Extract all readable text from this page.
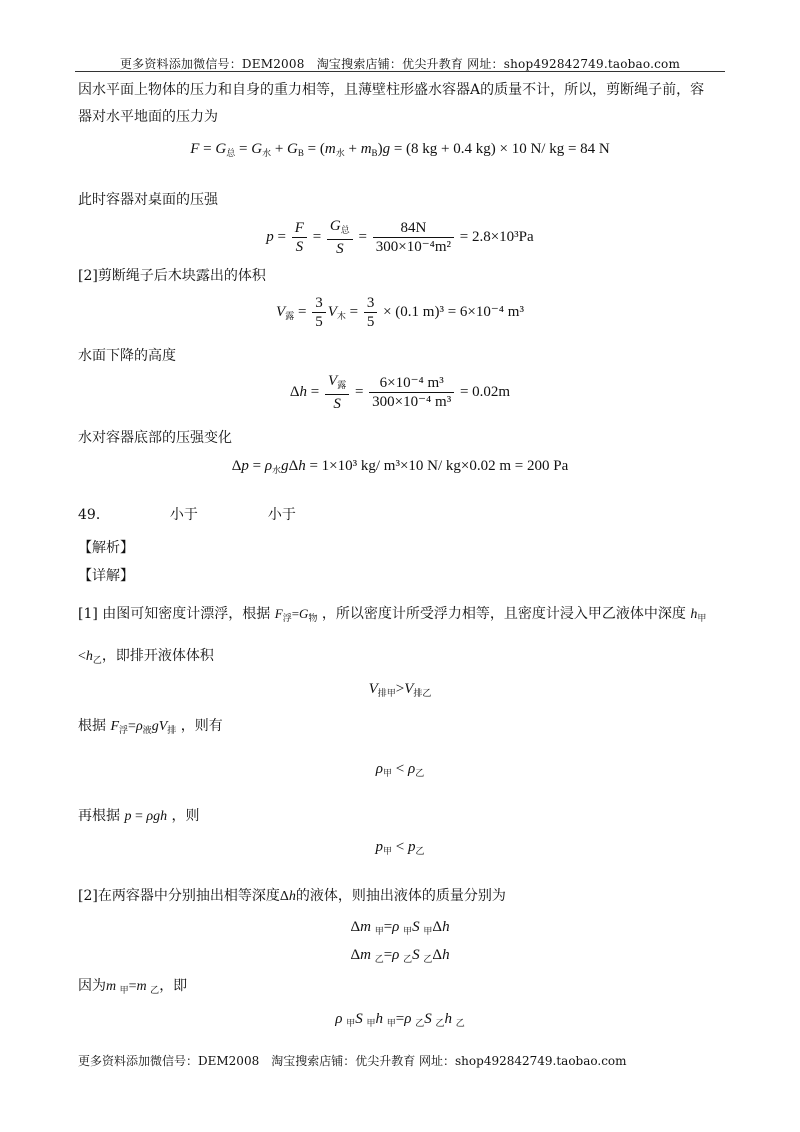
更多资料添加微信号：DEM2008　淘宝搜索店铺：优尖升教育 网址：shop492842749.taobao.com
因水平面上物体的压力和自身的重力相等，且薄壁柱形盛水容器A的质量不计，所以，剪断绳子前，容
器对水平地面的压力为
$F = G_总 = G_水 + G_B = (m_水 + m_B)g = (8$ kg + 0.4 kg) × 10 N/ kg = 84 N
此时容器对桌面的压强
$p = \frac{F}{S} = \frac{G_总}{S} = \frac{84N}{\text{300×10⁻⁴m²}} = 2.8\times 10^3Pa$
[2]剪断绳子后木块露出的体积
$V_露 = \frac{3}{5} V_木 = \frac{3}{5} \times (0.1$ m)³ = 6×10⁻⁴ m³
水面下降的高度
$\Delta h = \frac{V_露}{S} = \frac{\text{6×10⁻⁴ m³}}{\text{300×10⁻⁴ m³}} = 0.02m$
水对容器底部的压强变化
$\Delta p = \rho_水g\Delta h = 1\times 10^3$ kg/ m³×10 N/ kg×0.02 m = 200 Pa
49．	小于	小于
【解析】
【详解】
[1] 由图可知密度计漂浮，根据 $F_浮=G_物$ ，所以密度计所受浮力相等，且密度计浸入甲乙液体中深度 $h_甲$
$<h_乙$，即排开液体体积
$V_{排甲}>V_{排乙}$
根据 $F_浮=\rho_液gV_排$ ，则有
$\rho_甲 < \rho_乙$
再根据 p = ρgh ，则
$p_甲 < p_乙$
[2]在两容器中分别抽出相等深度Δh的液体，则抽出液体的质量分别为
Δm $_甲$=ρ $_甲$S $_甲$Δh
Δm $_乙$=ρ $_乙$S $_乙$Δh
因为m $_甲$=m $_乙$，即
ρ $_甲$S $_甲$h $_甲$=ρ $_乙$S $_乙$h $_乙$
更多资料添加微信号：DEM2008　淘宝搜索店铺：优尖升教育 网址：shop492842749.taobao.com
